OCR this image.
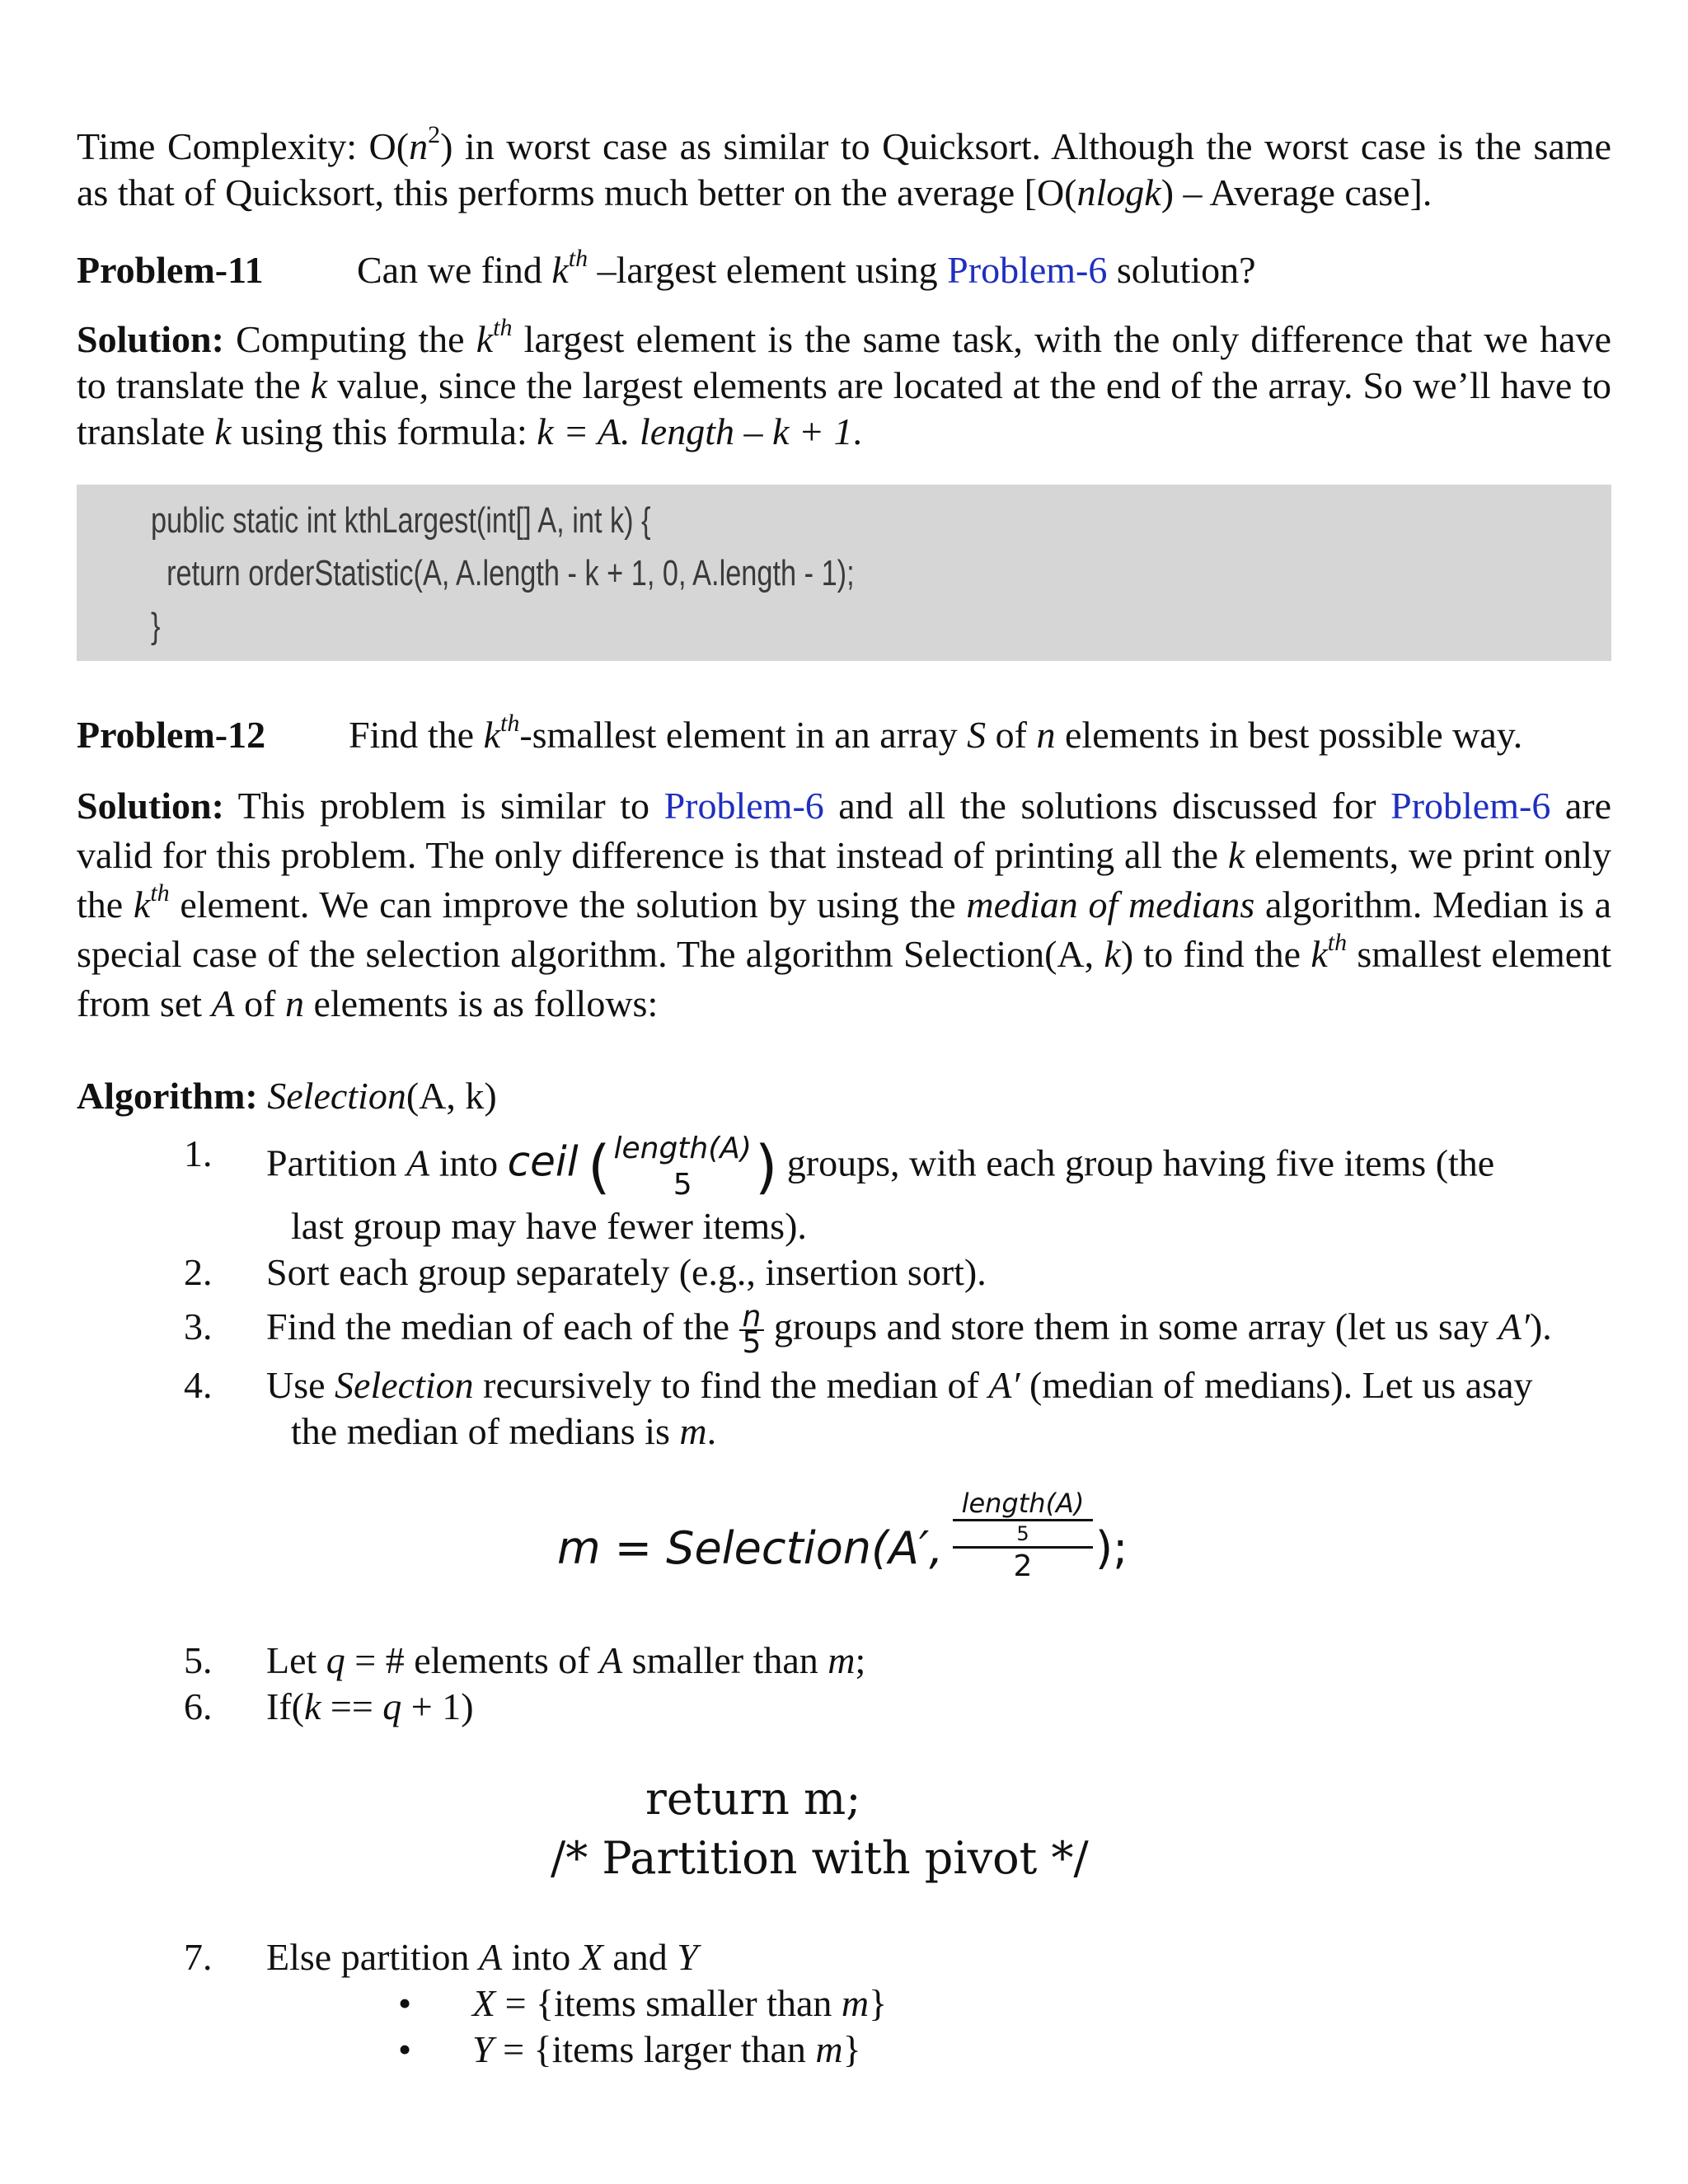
Time Complexity: $O(n^2)$ in worst case as similar to Quicksort. Although the worst case is the same as that of Quicksort, this performs much better on the average [O(nlogk) – Average case].

Problem-11	Can we find $k^{th}$ –largest element using Problem-6 solution?

Solution: Computing the $k^{th}$ largest element is the same task, with the only difference that we have to translate the k value, since the largest elements are located at the end of the array. So we’ll have to translate k using this formula: k = A. length – k + 1.

public static int kthLargest(int[] A, int k) {
return orderStatistic(A, A.length - k + 1, 0, A.length - 1);
}
Problem-12	Find the $k^{th}$-smallest element in an array S of n elements in best possible way.

Solution: This problem is similar to Problem-6 and all the solutions discussed for Problem-6 are valid for this problem. The only difference is that instead of printing all the k elements, we print only the $k^{th}$ element. We can improve the solution by using the median of medians algorithm. Median is a special case of the selection algorithm. The algorithm Selection(A, k) to find the $k^{th}$ smallest element from set A of n elements is as follows:

Algorithm: Selection(A, k)
1. Partition A into ceil ( length(A)
5	) groups, with each group having five items (the
last group may have fewer items).
2. Sort each group separately (e.g., insertion sort).
3. Find the median of each of the $\frac{n}{5}$ groups and store them in some array (let us say A′).
4. Use Selection recursively to find the median of A′ (median of medians). Let us asay
the median of medians is m.
m = Selection(A′,
length(A)
5
2	);
5. Let q = # elements of A smaller than m;
6. If(k == q + 1)
return m;
/* Partition with pivot */
7. Else partition A into X and Y
• X = {items smaller than m}
• Y = {items larger than m}
